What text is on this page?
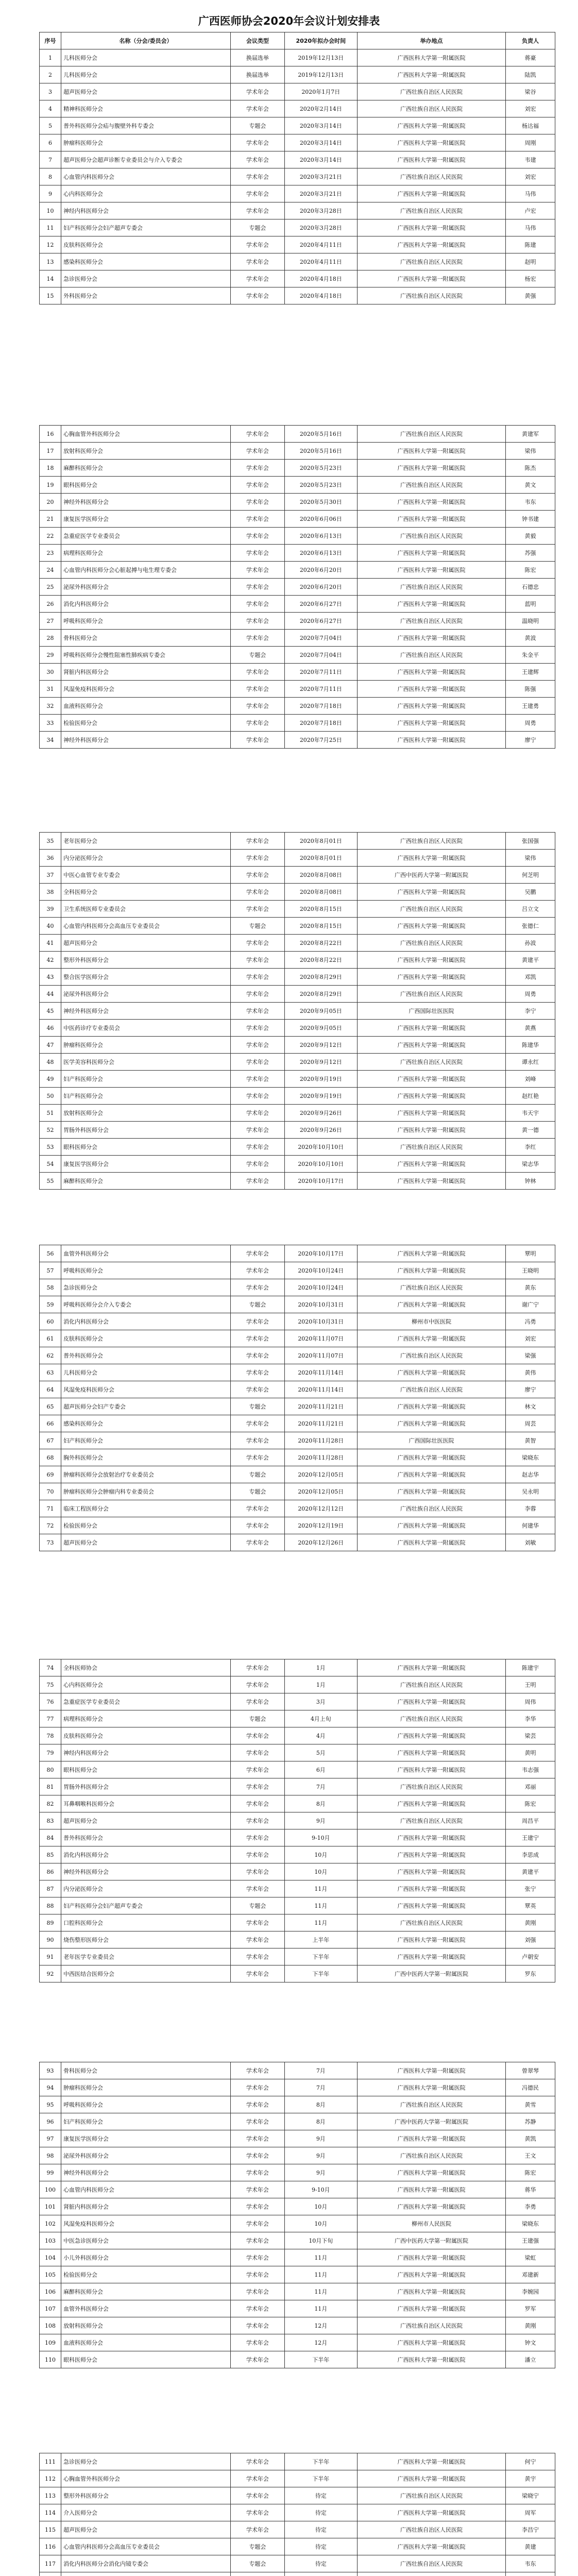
广西医师协会2020年会议计划安排表
序号	名称（分会/委员会）	会议类型	2020年拟办会时间	举办地点	负责人
1	儿科医师分会	换届选举	2019年12月13日	广西医科大学第一附属医院	蒋豪
2	儿科医师分会	换届选举	2019年12月13日	广西医科大学第一附属医院	陆凯
3	超声医师分会	学术年会	2020年1月7日	广西壮族自治区人民医院	梁谷
4	精神科医师分会	学术年会	2020年2月14日	广西壮族自治区人民医院	刘宏
5	普外科医师分会疝与腹壁外科专委会	专题会	2020年3月14日	广西医科大学第一附属医院	杨达福
6	肿瘤科医师分会	学术年会	2020年3月14日	广西医科大学第一附属医院	周刚
7	超声医师分会超声诊断专业委员会与介入专委会	学术年会	2020年3月14日	广西医科大学第一附属医院	韦建
8	心血管内科医师分会	学术年会	2020年3月21日	广西壮族自治区人民医院	刘宏
9	心内科医师分会	学术年会	2020年3月21日	广西医科大学第一附属医院	马伟
10	神经内科医师分会	学术年会	2020年3月28日	广西壮族自治区人民医院	卢宏
11	妇产科医师分会妇产超声专委会	专题会	2020年3月28日	广西医科大学第一附属医院	马伟
12	皮肤科医师分会	学术年会	2020年4月11日	广西医科大学第一附属医院	陈建
13	感染科医师分会	学术年会	2020年4月11日	广西壮族自治区人民医院	赵明
14	急诊医师分会	学术年会	2020年4月18日	广西医科大学第一附属医院	杨宏
15	外科医师分会	学术年会	2020年4月18日	广西壮族自治区人民医院	黄强
16	心胸血管外科医师分会	学术年会	2020年5月16日	广西壮族自治区人民医院	黄建军
17	放射科医师分会	学术年会	2020年5月16日	广西医科大学第一附属医院	梁伟
18	麻醉科医师分会	学术年会	2020年5月23日	广西医科大学第一附属医院	陈杰
19	眼科医师分会	学术年会	2020年5月23日	广西壮族自治区人民医院	黄文
20	神经外科医师分会	学术年会	2020年5月30日	广西医科大学第一附属医院	韦东
21	康复医学医师分会	学术年会	2020年6月06日	广西医科大学第一附属医院	钟书建
22	急重症医学专业委员会	学术年会	2020年6月13日	广西壮族自治区人民医院	黄毅
23	病理科医师分会	学术年会	2020年6月13日	广西医科大学第一附属医院	苏强
24	心血管内科医师分会心脏起搏与电生理专委会	学术年会	2020年6月20日	广西医科大学第一附属医院	陈宏
25	泌尿外科医师分会	学术年会	2020年6月20日	广西壮族自治区人民医院	石德忠
26	消化内科医师分会	学术年会	2020年6月27日	广西医科大学第一附属医院	蓝明
27	呼吸科医师分会	学术年会	2020年6月27日	广西壮族自治区人民医院	温晓明
28	骨科医师分会	学术年会	2020年7月04日	广西医科大学第一附属医院	黄波
29	呼吸科医师分会慢性阻塞性肺疾病专委会	专题会	2020年7月04日	广西壮族自治区人民医院	朱金平
30	肾脏内科医师分会	学术年会	2020年7月11日	广西医科大学第一附属医院	王建辉
31	风湿免疫科医师分会	学术年会	2020年7月11日	广西医科大学第一附属医院	陈强
32	血液科医师分会	学术年会	2020年7月18日	广西医科大学第一附属医院	王建勇
33	检验医师分会	学术年会	2020年7月18日	广西医科大学第一附属医院	周勇
34	神经外科医师分会	学术年会	2020年7月25日	广西医科大学第一附属医院	廖宁
35	老年医师分会	学术年会	2020年8月01日	广西壮族自治区人民医院	张国强
36	内分泌医师分会	学术年会	2020年8月01日	广西医科大学第一附属医院	梁伟
37	中医心血管专业专委会	学术年会	2020年8月08日	广西中医药大学第一附属医院	何芝明
38	全科医师分会	学术年会	2020年8月08日	广西医科大学第一附属医院	吴鹏
39	卫生系统医师专业委员会	学术年会	2020年8月15日	广西壮族自治区人民医院	吕立文
40	心血管内科医师分会高血压专业委员会	专题会	2020年8月15日	广西医科大学第一附属医院	张德仁
41	超声医师分会	学术年会	2020年8月22日	广西壮族自治区人民医院	孙波
42	整形外科医师分会	学术年会	2020年8月22日	广西医科大学第一附属医院	黄建平
43	整合医学医师分会	学术年会	2020年8月29日	广西医科大学第一附属医院	邓凯
44	泌尿外科医师分会	学术年会	2020年8月29日	广西壮族自治区人民医院	周勇
45	神经外科医师分会	学术年会	2020年9月05日	广西国际壮医医院	李宁
46	中医药诊疗专业委员会	学术年会	2020年9月05日	广西医科大学第一附属医院	黄燕
47	肿瘤科医师分会	学术年会	2020年9月12日	广西医科大学第一附属医院	陈建华
48	医学美容科医师分会	学术年会	2020年9月12日	广西壮族自治区人民医院	谭永红
49	妇产科医师分会	学术年会	2020年9月19日	广西医科大学第一附属医院	刘峰
50	妇产科医师分会	学术年会	2020年9月19日	广西医科大学第一附属医院	赵红艳
51	放射科医师分会	学术年会	2020年9月26日	广西医科大学第一附属医院	韦天宇
52	胃肠外科医师分会	学术年会	2020年9月26日	广西医科大学第一附属医院	黄一德
53	眼科医师分会	学术年会	2020年10月10日	广西壮族自治区人民医院	李红
54	康复医学医师分会	学术年会	2020年10月10日	广西医科大学第一附属医院	梁志华
55	麻醉科医师分会	学术年会	2020年10月17日	广西医科大学第一附属医院	钟林
56	血管外科医师分会	学术年会	2020年10月17日	广西医科大学第一附属医院	覃明
57	呼吸科医师分会	学术年会	2020年10月24日	广西医科大学第一附属医院	王晓明
58	急诊医师分会	学术年会	2020年10月24日	广西壮族自治区人民医院	黄东
59	呼吸科医师分会介入专委会	专题会	2020年10月31日	广西医科大学第一附属医院	谢广宁
60	消化内科医师分会	学术年会	2020年10月31日	柳州市中医医院	冯勇
61	皮肤科医师分会	学术年会	2020年11月07日	广西医科大学第一附属医院	刘宏
62	普外科医师分会	学术年会	2020年11月07日	广西壮族自治区人民医院	梁强
63	儿科医师分会	学术年会	2020年11月14日	广西医科大学第一附属医院	黄伟
64	风湿免疫科医师分会	学术年会	2020年11月14日	广西壮族自治区人民医院	廖宁
65	超声医师分会妇产专委会	专题会	2020年11月21日	广西医科大学第一附属医院	林文
66	感染科医师分会	学术年会	2020年11月21日	广西医科大学第一附属医院	周芸
67	妇产科医师分会	学术年会	2020年11月28日	广西国际壮医医院	黄智
68	胸外科医师分会	学术年会	2020年11月28日	广西医科大学第一附属医院	梁晓东
69	肿瘤科医师分会放射治疗专业委员会	专题会	2020年12月05日	广西医科大学第一附属医院	赵志华
70	肿瘤科医师分会肿瘤内科专业委员会	专题会	2020年12月05日	广西医科大学第一附属医院	吴永明
71	临床工程医师分会	学术年会	2020年12月12日	广西壮族自治区人民医院	李蓉
72	检验医师分会	学术年会	2020年12月19日	广西医科大学第一附属医院	何建华
73	超声医师分会	学术年会	2020年12月26日	广西医科大学第一附属医院	刘敏
74	全科医师协会	学术年会	1月	广西医科大学第一附属医院	陈建宇
75	心内科医师分会	学术年会	1月	广西壮族自治区人民医院	王明
76	急重症医学专业委员会	学术年会	3月	广西医科大学第一附属医院	周伟
77	病理科医师分会	专题会	4月上旬	广西壮族自治区人民医院	李华
78	皮肤科医师分会	学术年会	4月	广西医科大学第一附属医院	梁芸
79	神经内科医师分会	学术年会	5月	广西医科大学第一附属医院	黄明
80	眼科医师分会	学术年会	6月	广西医科大学第一附属医院	韦志强
81	胃肠外科医师分会	学术年会	7月	广西壮族自治区人民医院	邓丽
82	耳鼻咽喉科医师分会	学术年会	8月	广西医科大学第一附属医院	陈宏
83	超声医师分会	学术年会	9月	广西壮族自治区人民医院	周昌平
84	普外科医师分会	学术年会	9-10月	广西医科大学第一附属医院	王建宁
85	消化内科医师分会	学术年会	10月	广西医科大学第一附属医院	李思成
86	神经外科医师分会	学术年会	10月	广西医科大学第一附属医院	黄建平
87	内分泌医师分会	学术年会	11月	广西医科大学第一附属医院	张宁
88	妇产科医师分会妇产超声专委会	专题会	11月	广西医科大学第一附属医院	覃英
89	口腔科医师分会	学术年会	11月	广西壮族自治区人民医院	黄刚
90	烧伤整形医师分会	学术年会	上半年	广西医科大学第一附属医院	刘强
91	老年医学专业委员会	学术年会	下半年	广西医科大学第一附属医院	卢朝安
92	中西医结合医师分会	学术年会	下半年	广西中医药大学第一附属医院	罗东
93	骨科医师分会	学术年会	7月	广西医科大学第一附属医院	曾翠琴
94	肿瘤科医师分会	学术年会	7月	广西医科大学第一附属医院	冯德民
95	呼吸科医师分会	学术年会	8月	广西壮族自治区人民医院	黄雪
96	妇产科医师分会	学术年会	8月	广西中医药大学第一附属医院	苏静
97	康复医学医师分会	学术年会	9月	广西医科大学第一附属医院	黄凯
98	泌尿外科医师分会	学术年会	9月	广西壮族自治区人民医院	王文
99	神经外科医师分会	学术年会	9月	广西医科大学第一附属医院	陈宏
100	心血管内科医师分会	学术年会	9-10月	广西医科大学第一附属医院	蒋华
101	肾脏内科医师分会	学术年会	10月	广西医科大学第一附属医院	李勇
102	风湿免疫科医师分会	学术年会	10月	柳州市人民医院	梁晓东
103	中医急诊医师分会	学术年会	10月下旬	广西中医药大学第一附属医院	王建强
104	小儿外科医师分会	学术年会	11月	广西医科大学第一附属医院	梁虹
105	检验医师分会	学术年会	11月	广西医科大学第一附属医院	邓建新
106	麻醉科医师分会	学术年会	11月	广西医科大学第一附属医院	李婉园
107	血管外科医师分会	学术年会	11月	广西医科大学第一附属医院	罗军
108	放射科医师分会	学术年会	12月	广西壮族自治区人民医院	黄刚
109	血液科医师分会	学术年会	12月	广西医科大学第一附属医院	钟文
110	眼科医师分会	学术年会	下半年	广西医科大学第一附属医院	潘立
111	急诊医师分会	学术年会	下半年	广西医科大学第一附属医院	何宁
112	心胸血管外科医师分会	学术年会	下半年	广西医科大学第一附属医院	黄宇
113	整形外科医师分会	学术年会	待定	广西壮族自治区人民医院	梁晓宁
114	介入医师分会	学术年会	待定	广西医科大学第一附属医院	周军
115	超声医师分会	学术年会	待定	广西壮族自治区人民医院	李昌宁
116	心血管内科医师分会高血压专业委员会	专题会	待定	广西医科大学第一附属医院	黄建
117	消化内科医师分会消化内镜专委会	专题会	待定	广西壮族自治区人民医院	韦东
